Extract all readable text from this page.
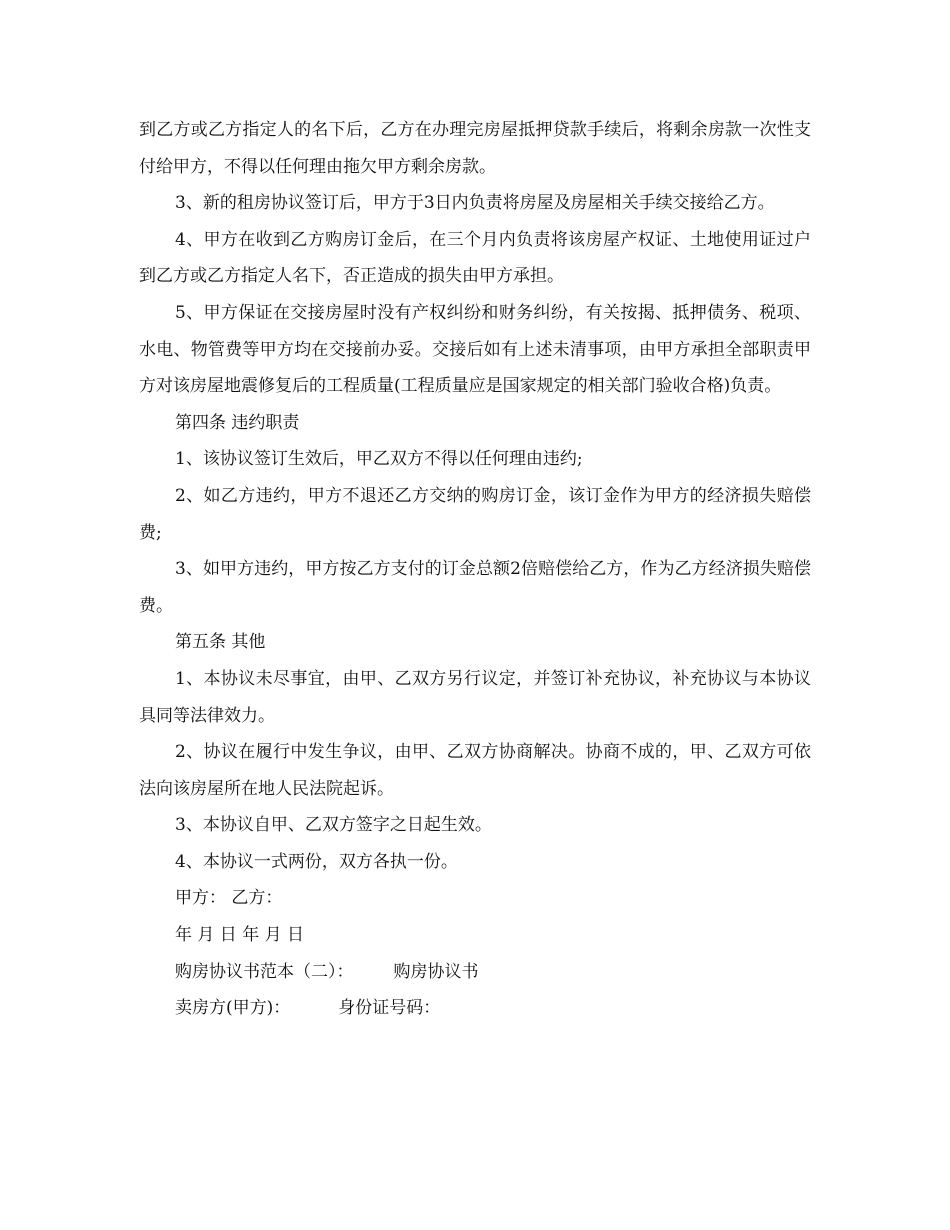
到乙方或乙方指定人的名下后，乙方在办理完房屋抵押贷款手续后，将剩余房款一次性支付给甲方，不得以任何理由拖欠甲方剩余房款。

3、新的租房协议签订后，甲方于3日内负责将房屋及房屋相关手续交接给乙方。

4、甲方在收到乙方购房订金后，在三个月内负责将该房屋产权证、土地使用证过户到乙方或乙方指定人名下，否正造成的损失由甲方承担。

5、甲方保证在交接房屋时没有产权纠纷和财务纠纷，有关按揭、抵押债务、税项、水电、物管费等甲方均在交接前办妥。交接后如有上述未清事项，由甲方承担全部职责甲方对该房屋地震修复后的工程质量(工程质量应是国家规定的相关部门验收合格)负责。

第四条 违约职责

1、该协议签订生效后，甲乙双方不得以任何理由违约;

2、如乙方违约，甲方不退还乙方交纳的购房订金，该订金作为甲方的经济损失赔偿费;

3、如甲方违约，甲方按乙方支付的订金总额2倍赔偿给乙方，作为乙方经济损失赔偿费。

第五条 其他

1、本协议未尽事宜，由甲、乙双方另行议定，并签订补充协议，补充协议与本协议具同等法律效力。

2、协议在履行中发生争议，由甲、乙双方协商解决。协商不成的，甲、乙双方可依法向该房屋所在地人民法院起诉。

3、本协议自甲、乙双方签字之日起生效。

4、本协议一式两份，双方各执一份。

甲方： 乙方：

年 月 日 年 月 日

购房协议书范本（二）： 购房协议书

卖房方(甲方)：	身份证号码：
